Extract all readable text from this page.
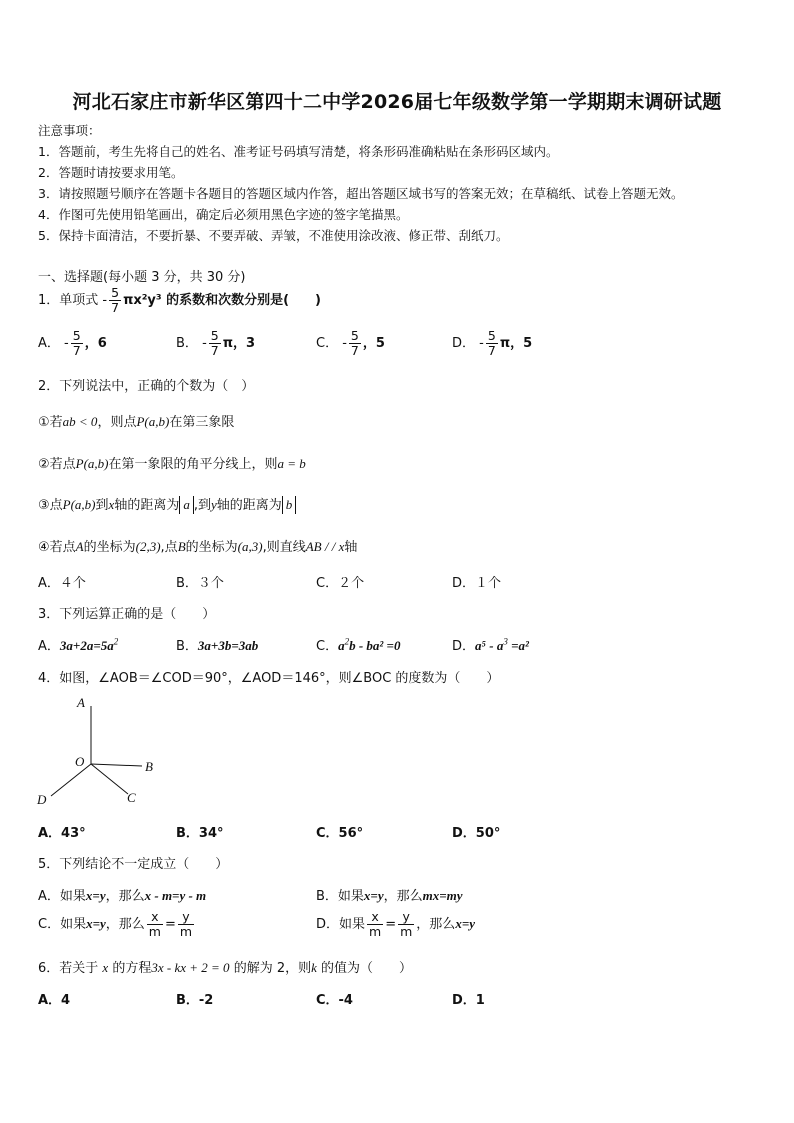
河北石家庄市新华区第四十二中学2026届七年级数学第一学期期末调研试题
注意事项：
1．答题前，考生先将自己的姓名、准考证号码填写清楚，将条形码准确粘贴在条形码区域内。
2．答题时请按要求用笔。
3．请按照题号顺序在答题卡各题目的答题区域内作答，超出答题区域书写的答案无效；在草稿纸、试卷上答题无效。
4．作图可先使用铅笔画出，确定后必须用黑色字迹的签字笔描黑。
5．保持卡面清洁，不要折暴、不要弄破、弄皱，不准使用涂改液、修正带、刮纸刀。
一、选择题(每小题 3 分，共 30 分)
1．单项式 - $\frac{5}{7} \pi x^2y^3$ 的系数和次数分别是(　　)
A． - $\frac{5}{7}$ ，6	B． - $\frac{5}{7}$ π，3	C． - $\frac{5}{7}$ ，5	D． - $\frac{5}{7}$ π，5
2．下列说法中，正确的个数为（　）
①若ab < 0，则点P(a,b)在第三象限
②若点P(a,b)在第一象限的角平分线上，则a = b
③点P(a,b)到x轴的距离为 a ,到y轴的距离为 b
④若点A的坐标为(2,3),点B的坐标为(a,3),则直线AB / / x轴
A．４个	B．３个	C．２个	D．１个
3．下列运算正确的是（　　）
A．$3a+2a=5a^2$	B．3a+3b=3ab	C．$a^2b - ba^2 =0$	D．$a^5 - a^3 =a^2$
4．如图，∠AOB＝∠COD＝90°，∠AOD＝146°，则∠BOC 的度数为（　　）
A
O	B
C
D
A．43°	B．34°	C．56°	D．50°
5．下列结论不一定成立（　　）
A．如果x=y，那么x - m=y - m	B．如果x=y，那么mx=my
C．如果x=y，那么 $\frac{x}{m} = \frac{y}{m}$	D．如果 $\frac{x}{m} = \frac{y}{m}$ ，那么x=y
6．若关于 x 的方程3x - kx + 2 = 0 的解为 2，则k 的值为（　　）
A．4	B．-2	C．-4	D．1
